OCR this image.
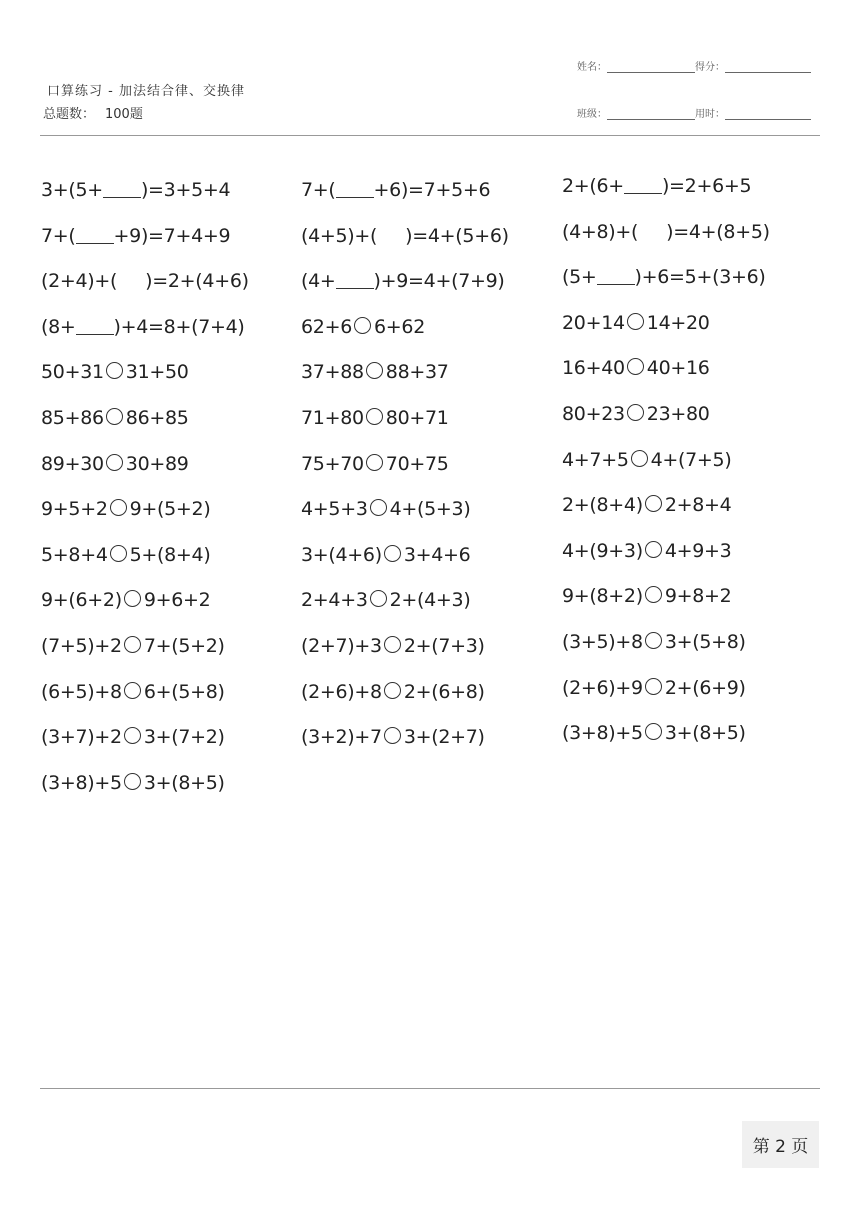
口算练习 - 加法结合律、交换律
总题数： 100题
姓名：	得分：
班级：	用时：
3+(5+ )=3+5+4
7+( +9)=7+4+9
(2+4)+( )=2+(4+6)
(8+ )+4=8+(7+4)
50+31 31+50
85+86 86+85
89+30 30+89
9+5+2 9+(5+2)
5+8+4 5+(8+4)
9+(6+2) 9+6+2
(7+5)+2 7+(5+2)
(6+5)+8 6+(5+8)
(3+7)+2 3+(7+2)
(3+8)+5 3+(8+5)
7+( +6)=7+5+6
(4+5)+( )=4+(5+6)
(4+ )+9=4+(7+9)
62+6 6+62
37+88 88+37
71+80 80+71
75+70 70+75
4+5+3 4+(5+3)
3+(4+6) 3+4+6
2+4+3 2+(4+3)
(2+7)+3 2+(7+3)
(2+6)+8 2+(6+8)
(3+2)+7 3+(2+7)
2+(6+ )=2+6+5
(4+8)+( )=4+(8+5)
(5+ )+6=5+(3+6)
20+14 14+20
16+40 40+16
80+23 23+80
4+7+5 4+(7+5)
2+(8+4) 2+8+4
4+(9+3) 4+9+3
9+(8+2) 9+8+2
(3+5)+8 3+(5+8)
(2+6)+9 2+(6+9)
(3+8)+5 3+(8+5)
第 2 页
